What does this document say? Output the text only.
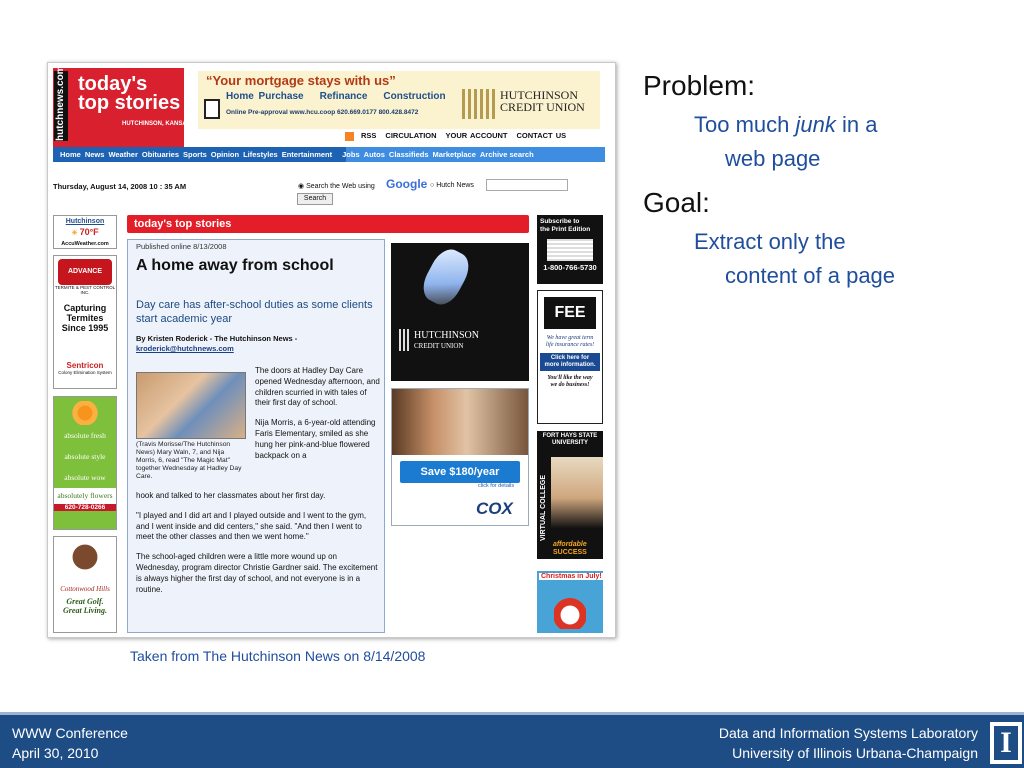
hutchnews.com today's
top stories
HUTCHINSON, KANSAS
“Your mortgage stays with us”
Home Purchase Refinance Construction
Online Pre-approval www.hcu.coop 620.669.0177 800.428.8472
HUTCHINSON
CREDIT UNION
RSS CIRCULATION YOUR ACCOUNT CONTACT US
Home News Weather Obituaries Sports Opinion Lifestyles Entertainment Jobs Autos Classifieds Marketplace Archive search
Thursday, August 14, 2008 10 : 35 AM	◉ Search the Web using Google ○ Hutch News
Search
Hutchinson
☀ 70°F
AccuWeather.com
ADVANCE
TERMITE & PEST CONTROL INC.
Capturing
Termites
Since 1995
Sentricon
Colony Elimination System
absolute fresh
absolute style
absolute wow
absolutely flowers
620-728-0266
Cottonwood Hills
Great Golf.
Great Living.
today's top stories
Published online 8/13/2008
A home away from school
Day care has after-school duties as some clients start academic year
By Kristen Roderick - The Hutchinson News -
kroderick@hutchnews.com
(Travis Morisse/The Hutchinson News) Mary Waln, 7, and Nija Morris, 6, read "The Magic Mat" together Wednesday at Hadley Day Care.

The doors at Hadley Day Care opened Wednesday afternoon, and children scurried in with tales of their first day of school.

Nija Morris, a 6-year-old attending Faris Elementary, smiled as she hung her pink-and-blue flowered backpack on a

hook and talked to her classmates about her first day.

"I played and I did art and I played outside and I went to the gym, and I went inside and did centers," she said. "And then I went to meet the other classes and then we went home."

The school-aged children were a little more wound up on Wednesday, program director Christie Gardner said. The excitement is always higher the first day of school, and not everyone is in a routine.

HUTCHINSON
CREDIT UNION
Save $180/year
click for details
COX
Subscribe to
the Print Edition
1-800-766-5730
FEE
We have great term
life insurance rates!
Click here for
more information.
You'll like the way
we do business!
FORT HAYS STATE
UNIVERSITY
VIRTUAL COLLEGE
affordable
SUCCESS
Christmas in July!
Taken from The Hutchinson News on 8/14/2008
Problem:
Too much junk in a
web page
Goal:
Extract only the
content of a page
WWW Conference
April 30, 2010
Data and Information Systems Laboratory
University of Illinois Urbana-Champaign I
